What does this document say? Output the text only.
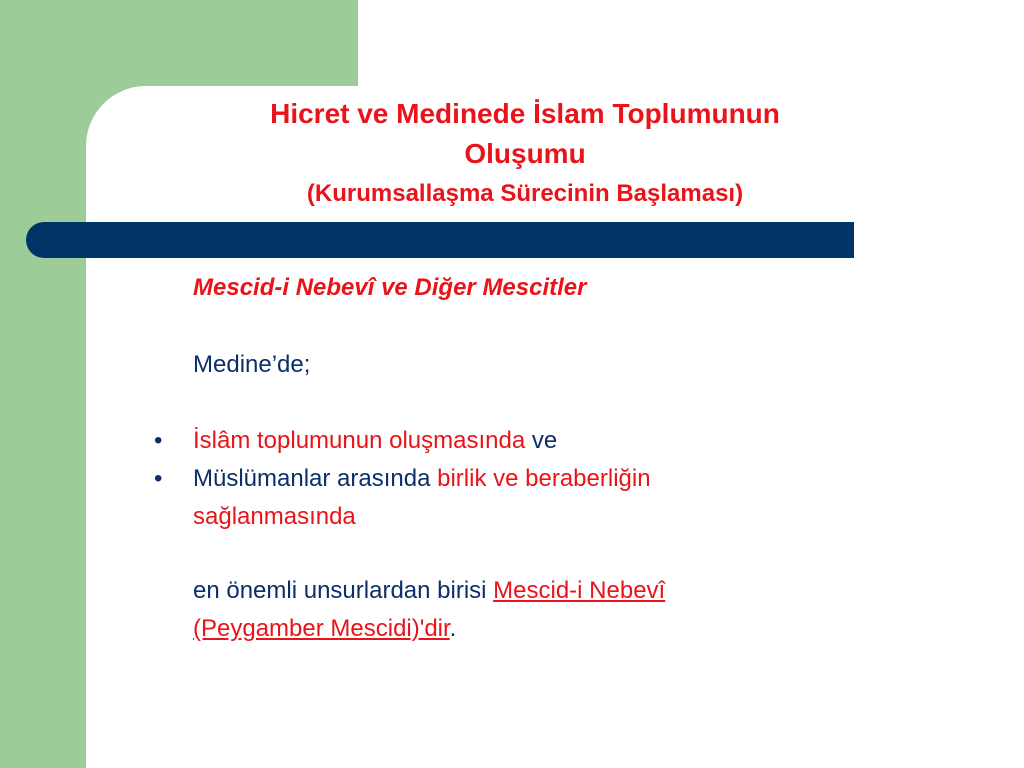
Hicret ve Medinede İslam Toplumunun
Oluşumu
(Kurumsallaşma Sürecinin Başlaması)

Mescid-i Nebevî ve Diğer Mescitler

Medine’de;

• İslâm toplumunun oluşmasında ve
• Müslümanlar arasında birlik ve beraberliğin
sağlanmasında

en önemli unsurlardan birisi Mescid-i Nebevî

(Peygamber Mescidi)'dir.
